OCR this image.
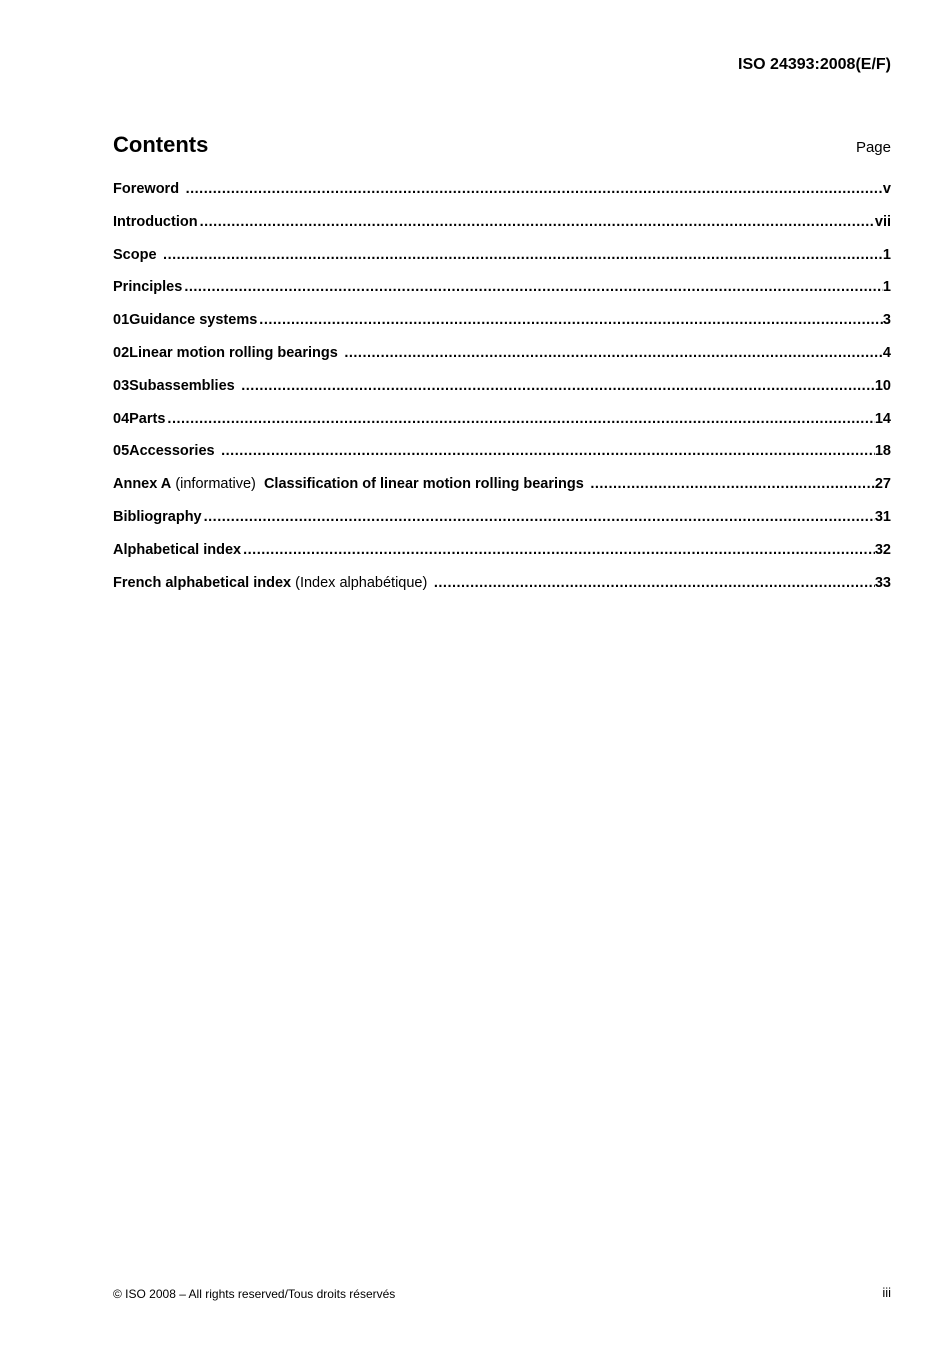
ISO 24393:2008(E/F)
Contents	Page
Foreword .....	v
Introduction .....	vii
Scope .....	1
Principles .....	1
01 Guidance systems .....	3
02 Linear motion rolling bearings .....	4
03 Subassemblies .....	10
04 Parts .....	14
05 Accessories .....	18
Annex A
(informative)
Classification of linear motion rolling bearings .....	27
Bibliography .....	31
Alphabetical index .....	32
French alphabetical index
(Index alphabétique) .....	33
© ISO 2008 – All rights reserved/Tous droits réservés	iii
